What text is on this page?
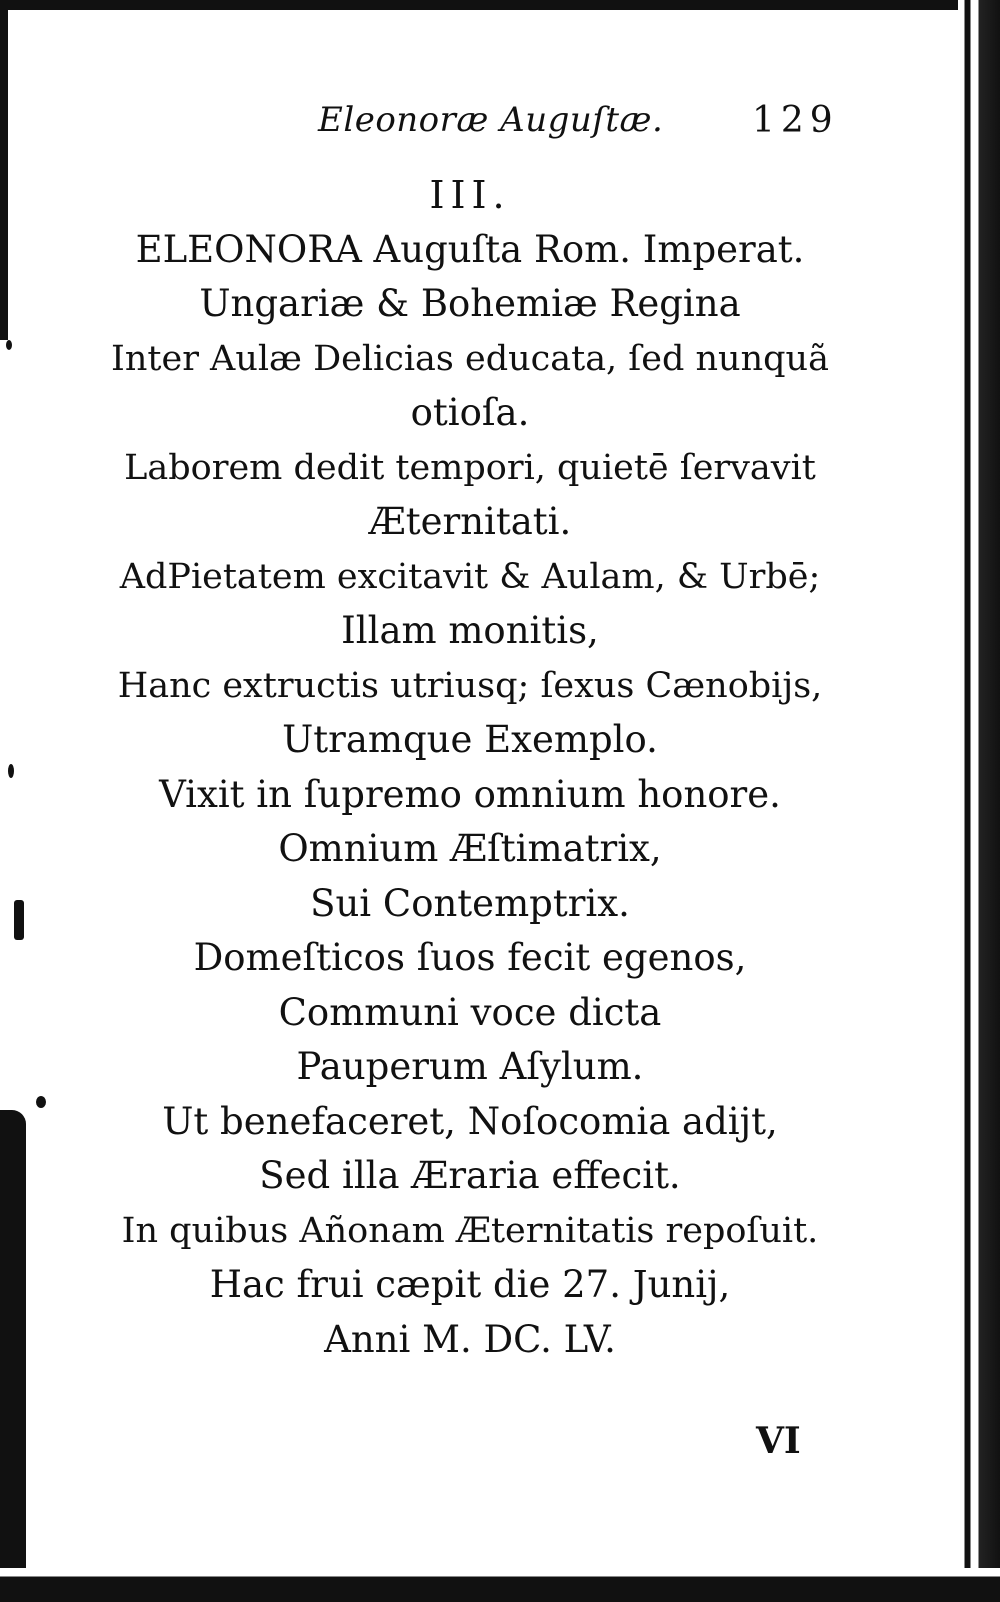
Eleonoræ Auguſtæ. 129
III.
ELEONORA Auguſta Rom. Imperat.
Ungariæ & Bohemiæ Regina
Inter Aulæ Delicias educata, ſed nunquã
otioſa.
Laborem dedit tempori, quietē ſervavit
Æternitati.
AdPietatem excitavit & Aulam, & Urbē;
Illam monitis,
Hanc extructis utriusq; ſexus Cænobijs,
Utramque Exemplo.
Vixit in ſupremo omnium honore.
Omnium Æſtimatrix,
Sui Contemptrix.
Domeſticos ſuos fecit egenos,
Communi voce dicta
Pauperum Aſylum.
Ut benefaceret, Noſocomia adijt,
Sed illa Æraria effecit.
In quibus Añonam Æternitatis repoſuit.
Hac frui cæpit die 27. Junij,
Anni M. DC. LV.
VI
